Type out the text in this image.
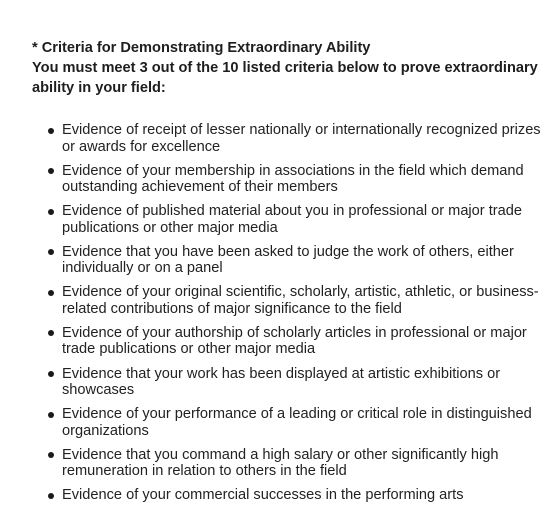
* Criteria for Demonstrating Extraordinary Ability
You must meet 3 out of the 10 listed criteria below to prove extraordinary ability in your field:

Evidence of receipt of lesser nationally or internationally recognized prizes or awards for excellence
Evidence of your membership in associations in the field which demand outstanding achievement of their members
Evidence of published material about you in professional or major trade publications or other major media
Evidence that you have been asked to judge the work of others, either individually or on a panel
Evidence of your original scientific, scholarly, artistic, athletic, or business-related contributions of major significance to the field
Evidence of your authorship of scholarly articles in professional or major trade publications or other major media
Evidence that your work has been displayed at artistic exhibitions or showcases
Evidence of your performance of a leading or critical role in distinguished organizations
Evidence that you command a high salary or other significantly high remuneration in relation to others in the field
Evidence of your commercial successes in the performing arts
